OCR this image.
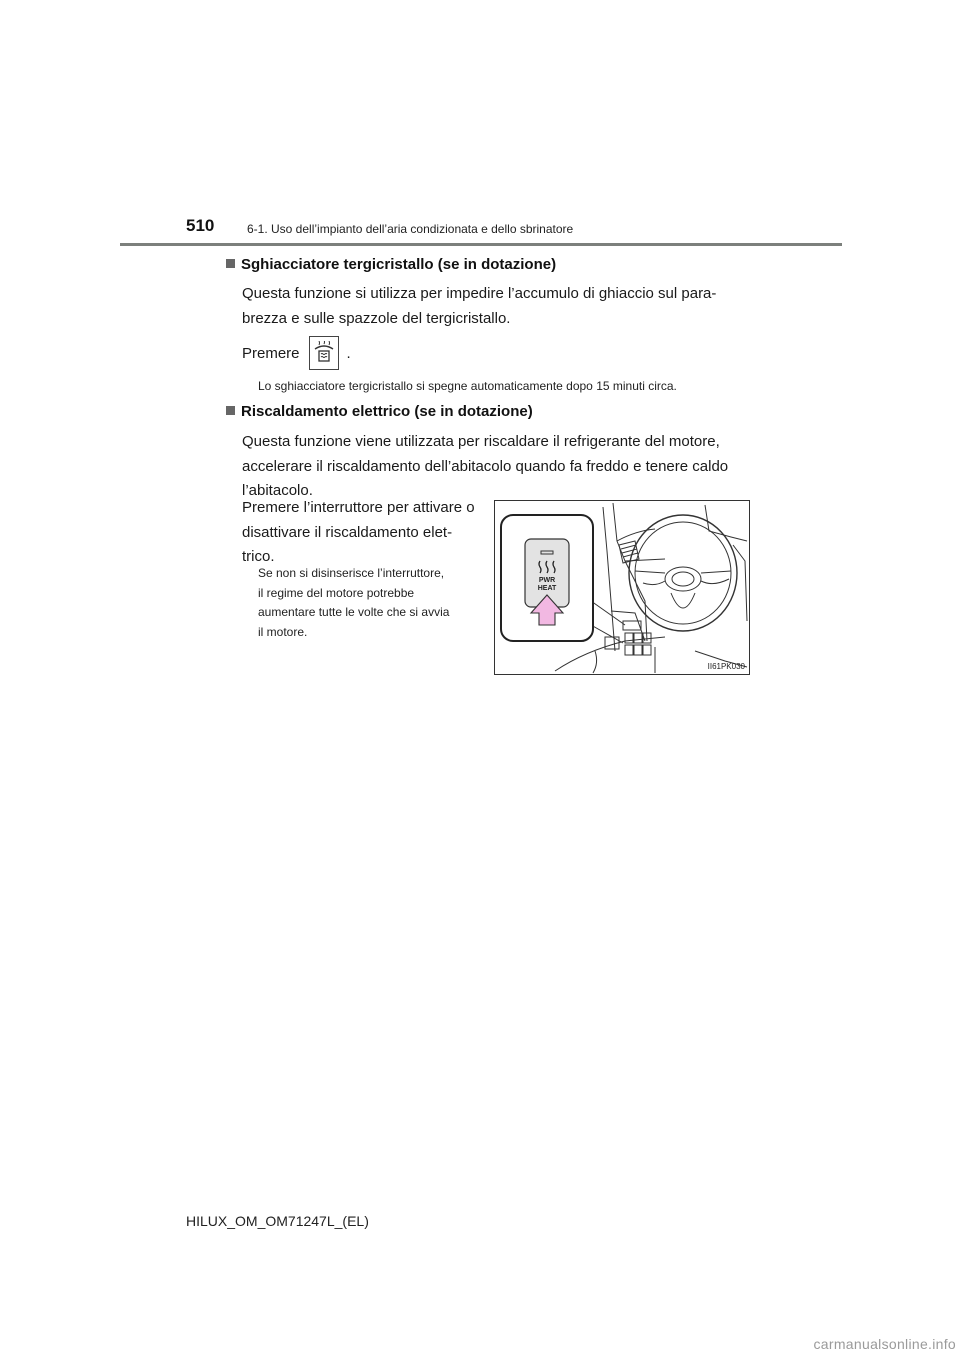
510	6-1. Uso dell’impianto dell’aria condizionata e dello sbrinatore
Sghiacciatore tergicristallo (se in dotazione)
Questa funzione si utilizza per impedire l’accumulo di ghiaccio sul para-
brezza e sulle spazzole del tergicristallo.
Premere	.
Lo sghiacciatore tergicristallo si spegne automaticamente dopo 15 minuti circa.
Riscaldamento elettrico (se in dotazione)
Questa funzione viene utilizzata per riscaldare il refrigerante del motore,
accelerare il riscaldamento dell’abitacolo quando fa freddo e tenere caldo
l’abitacolo.
Premere l’interruttore per attivare o
disattivare il riscaldamento elet-
trico.
Se non si disinserisce l’interruttore,
il regime del motore potrebbe
aumentare tutte le volte che si avvia
il motore.
PWR
HEAT
II61PK030
HILUX_OM_OM71247L_(EL)
carmanualsonline.info
